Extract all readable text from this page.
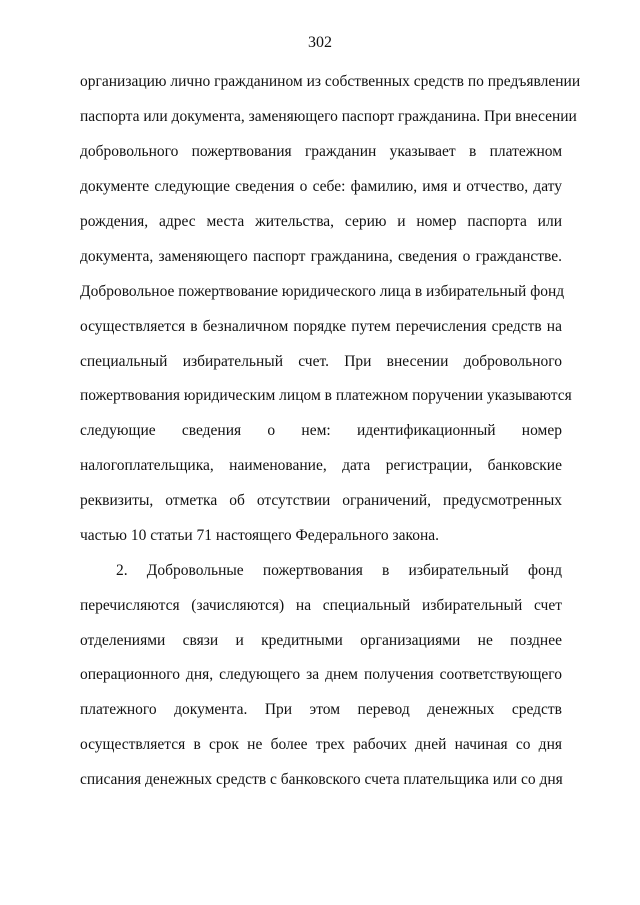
302
организацию лично гражданином из собственных средств по предъявлении
паспорта или документа, заменяющего паспорт гражданина. При внесении
добровольного пожертвования гражданин указывает в платежном
документе следующие сведения о себе: фамилию, имя и отчество, дату
рождения, адрес места жительства, серию и номер паспорта или
документа, заменяющего паспорт гражданина, сведения о гражданстве.
Добровольное пожертвование юридического лица в избирательный фонд
осуществляется в безналичном порядке путем перечисления средств на
специальный избирательный счет. При внесении добровольного
пожертвования юридическим лицом в платежном поручении указываются
следующие сведения о нем: идентификационный номер
налогоплательщика, наименование, дата регистрации, банковские
реквизиты, отметка об отсутствии ограничений, предусмотренных
частью 10 статьи 71 настоящего Федерального закона.
2. Добровольные пожертвования в избирательный фонд
перечисляются (зачисляются) на специальный избирательный счет
отделениями связи и кредитными организациями не позднее
операционного дня, следующего за днем получения соответствующего
платежного документа. При этом перевод денежных средств
осуществляется в срок не более трех рабочих дней начиная со дня
списания денежных средств с банковского счета плательщика или со дня
